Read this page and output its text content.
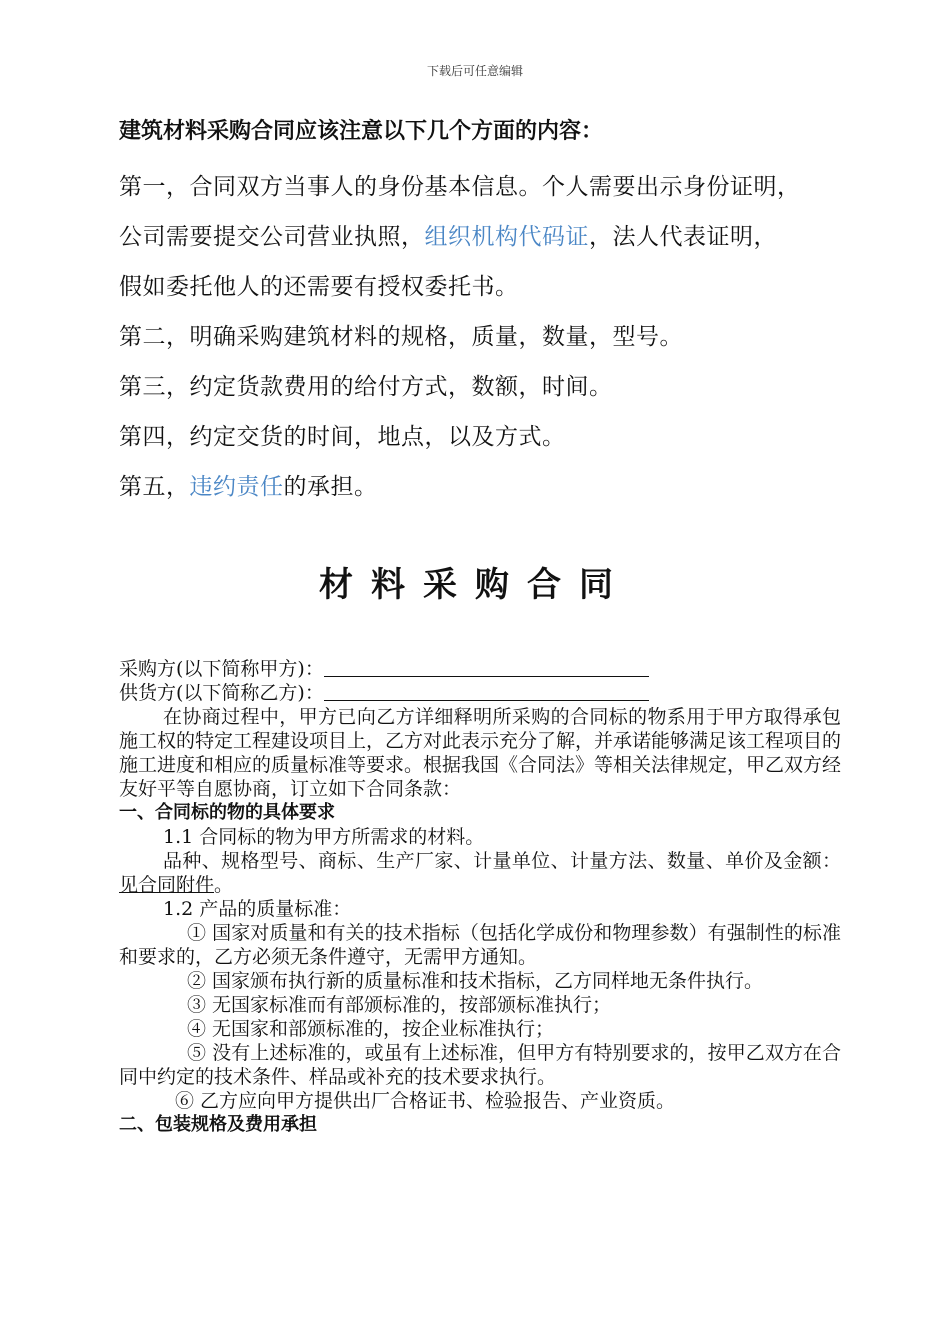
下载后可任意编辑
建筑材料采购合同应该注意以下几个方面的内容：

第一，合同双方当事人的身份基本信息。个人需要出示身份证明，

公司需要提交公司营业执照，组织机构代码证，法人代表证明，

假如委托他人的还需要有授权委托书。

第二，明确采购建筑材料的规格，质量，数量，型号。

第三，约定货款费用的给付方式，数额，时间。

第四，约定交货的时间，地点，以及方式。

第五，违约责任的承担。

材料采购合同

采购方(以下简称甲方)：

供货方(以下简称乙方)：

在协商过程中，甲方已向乙方详细释明所采购的合同标的物系用于甲方取得承包施工权的特定工程建设项目上，乙方对此表示充分了解，并承诺能够满足该工程项目的施工进度和相应的质量标准等要求。根据我国《合同法》等相关法律规定，甲乙双方经友好平等自愿协商，订立如下合同条款：

一、合同标的物的具体要求

1.1 合同标的物为甲方所需求的材料。

品种、规格型号、商标、生产厂家、计量单位、计量方法、数量、单价及金额：见合同附件。

1.2 产品的质量标准：

① 国家对质量和有关的技术指标（包括化学成份和物理参数）有强制性的标准和要求的，乙方必须无条件遵守，无需甲方通知。

② 国家颁布执行新的质量标准和技术指标，乙方同样地无条件执行。

③ 无国家标准而有部颁标准的，按部颁标准执行；

④ 无国家和部颁标准的，按企业标准执行；

⑤ 没有上述标准的，或虽有上述标准，但甲方有特别要求的，按甲乙双方在合同中约定的技术条件、样品或补充的技术要求执行。

⑥ 乙方应向甲方提供出厂合格证书、检验报告、产业资质。

二、包装规格及费用承担
